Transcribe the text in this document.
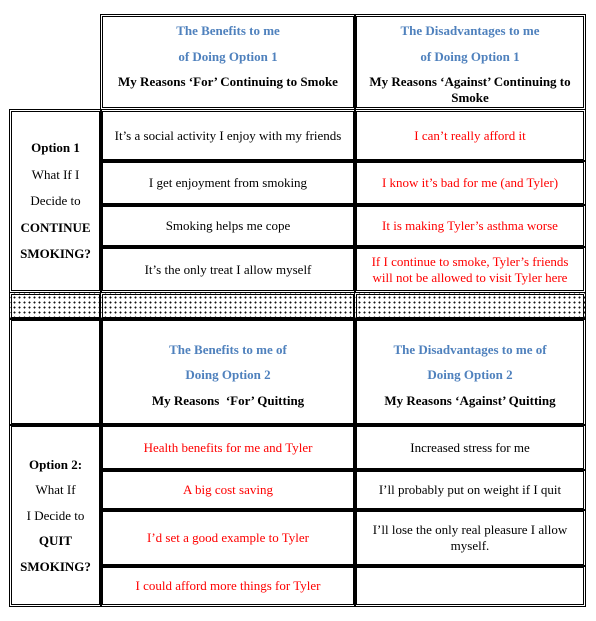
The Benefits to me
of Doing Option 1
My Reasons ‘For’ Continuing to Smoke
The Disadvantages to me
of Doing Option 1
My Reasons ‘Against’ Continuing to Smoke
Option 1
What If I
Decide to
CONTINUE
SMOKING?
It’s a social activity I enjoy with my friends
I get enjoyment from smoking
Smoking helps me cope
It’s the only treat I allow myself
I can’t really afford it
I know it’s bad for me (and Tyler)
It is making Tyler’s asthma worse
If I continue to smoke, Tyler’s friends will not be allowed to visit Tyler here
The Benefits to me of
Doing Option 2
My Reasons  ‘For’ Quitting
The Disadvantages to me of
Doing Option 2
My Reasons ‘Against’ Quitting
Option 2:
What If
I Decide to
QUIT
SMOKING?
Health benefits for me and Tyler
A big cost saving
I’d set a good example to Tyler
I could afford more things for Tyler
Increased stress for me
I’ll probably put on weight if I quit
I’ll lose the only real pleasure I allow myself.
